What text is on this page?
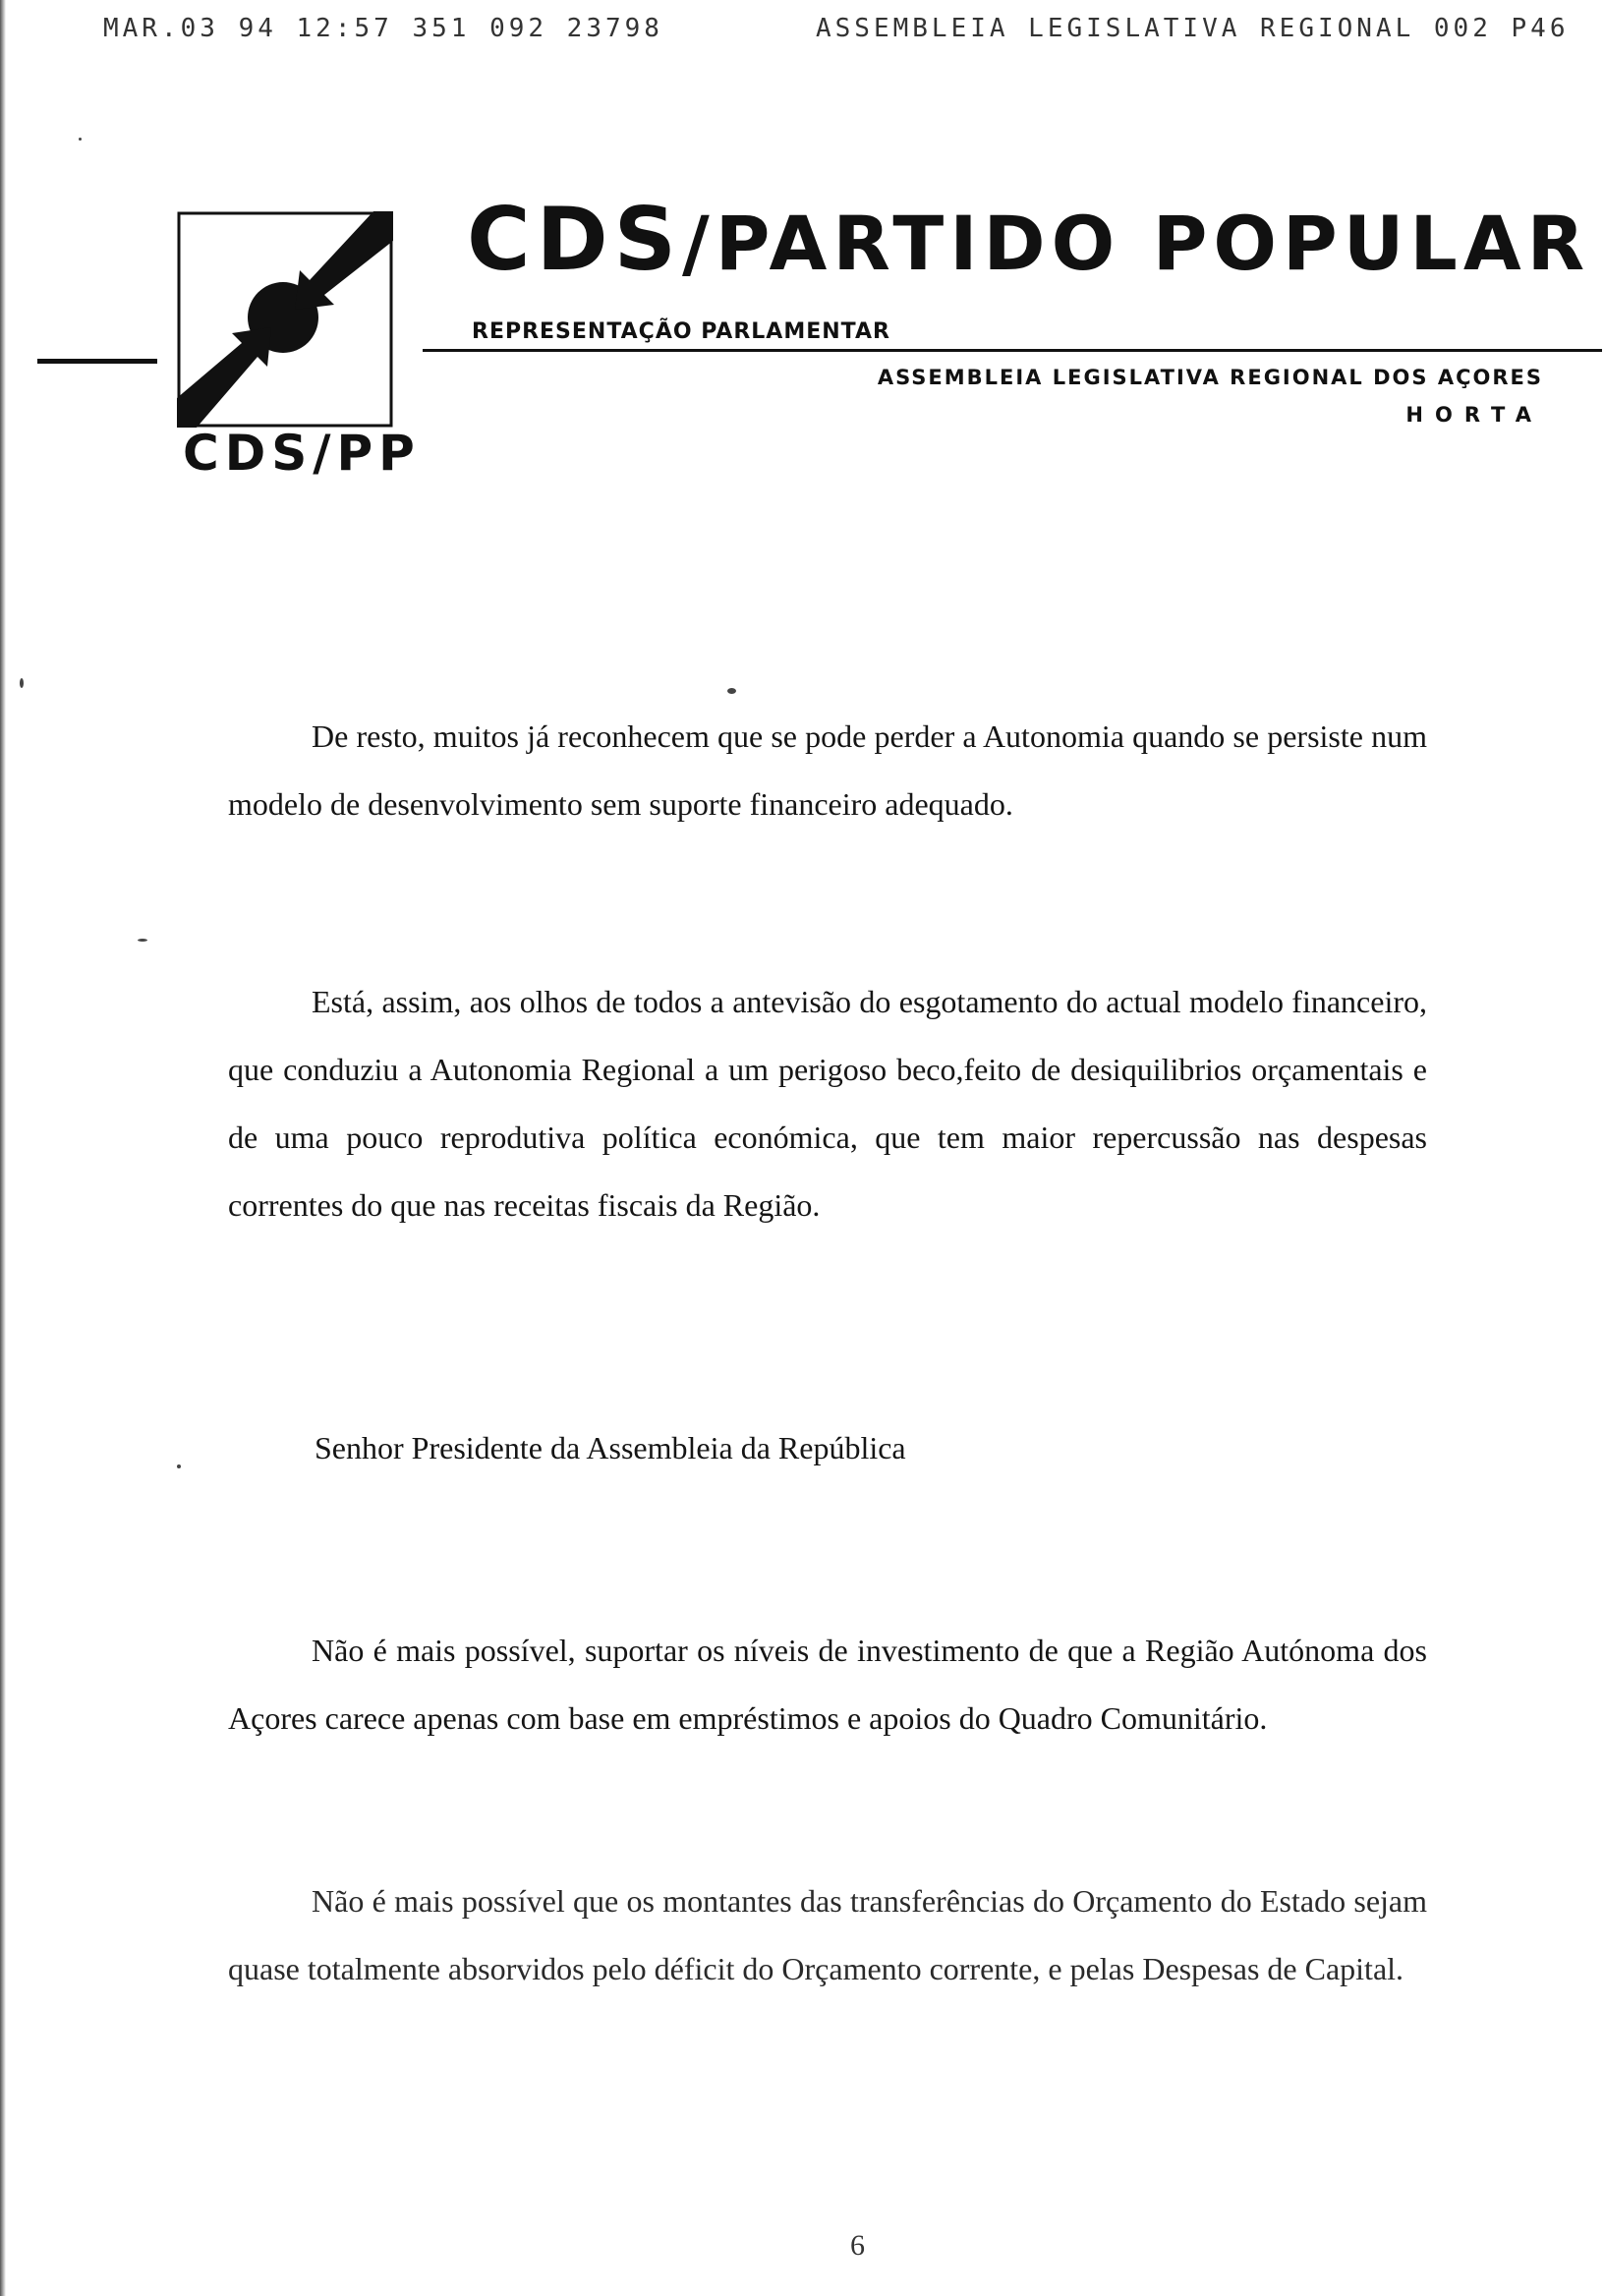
MAR.03 94 12:57 351 092 23798	ASSEMBLEIA LEGISLATIVA REGIONAL 002 P46
CDS/PP
CDS/PARTIDO POPULAR
REPRESENTAÇÃO PARLAMENTAR
ASSEMBLEIA LEGISLATIVA REGIONAL DOS AÇORES
HORTA
De resto, muitos já reconhecem que se pode perder a Autonomia quando se persiste num modelo de desenvolvimento sem suporte financeiro adequado.
Está, assim, aos olhos de todos a antevisão do esgotamento do actual modelo financeiro, que conduziu a Autonomia Regional a um perigoso beco,feito de desiquilibrios orçamentais e de uma pouco reprodutiva política económica, que tem maior repercussão nas despesas correntes do que nas receitas fiscais da Região.
Senhor Presidente da Assembleia da República
Não é mais possível, suportar os níveis de investimento de que a Região Autónoma dos Açores carece apenas com base em empréstimos e apoios do Quadro Comunitário.
Não é mais possível que os montantes das transferências do Orçamento do Estado sejam quase totalmente absorvidos pelo déficit do Orçamento corrente, e pelas Despesas de Capital.
6
